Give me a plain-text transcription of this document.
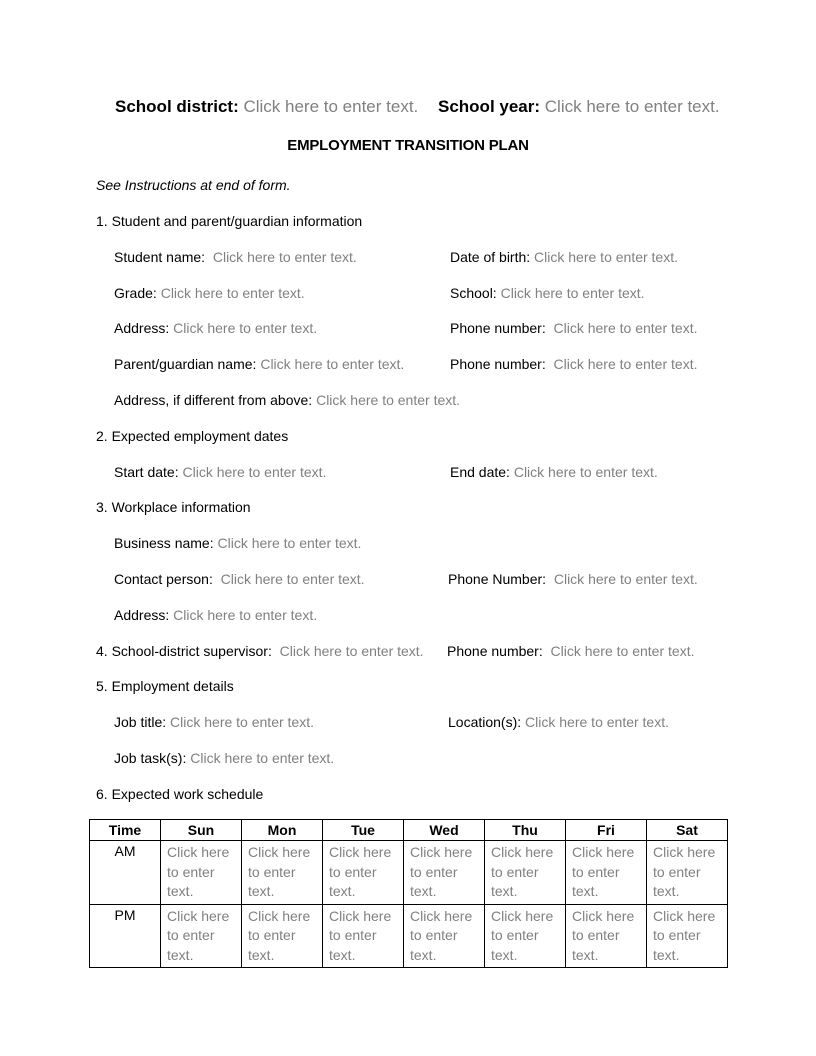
School district: Click here to enter text. School year: Click here to enter text.
EMPLOYMENT TRANSITION PLAN
See Instructions at end of form.
1. Student and parent/guardian information
Student name: Click here to enter text.	Date of birth: Click here to enter text.
Grade: Click here to enter text.	School: Click here to enter text.
Address: Click here to enter text.	Phone number: Click here to enter text.
Parent/guardian name: Click here to enter text.	Phone number: Click here to enter text.
Address, if different from above: Click here to enter text.
2. Expected employment dates
Start date: Click here to enter text.	End date: Click here to enter text.
3. Workplace information
Business name: Click here to enter text.
Contact person: Click here to enter text.	Phone Number: Click here to enter text.
Address: Click here to enter text.
4. School-district supervisor: Click here to enter text. Phone number: Click here to enter text.
5. Employment details
Job title: Click here to enter text.	Location(s): Click here to enter text.
Job task(s): Click here to enter text.
6. Expected work schedule
Time	Sun	Mon	Tue	Wed	Thu	Fri	Sat
AM	Click here to enter text.	Click here to enter text.	Click here to enter text.	Click here to enter text.	Click here to enter text.	Click here to enter text.	Click here to enter text.

PM	Click here to enter text.	Click here to enter text.	Click here to enter text.	Click here to enter text.	Click here to enter text.	Click here to enter text.	Click here to enter text.
